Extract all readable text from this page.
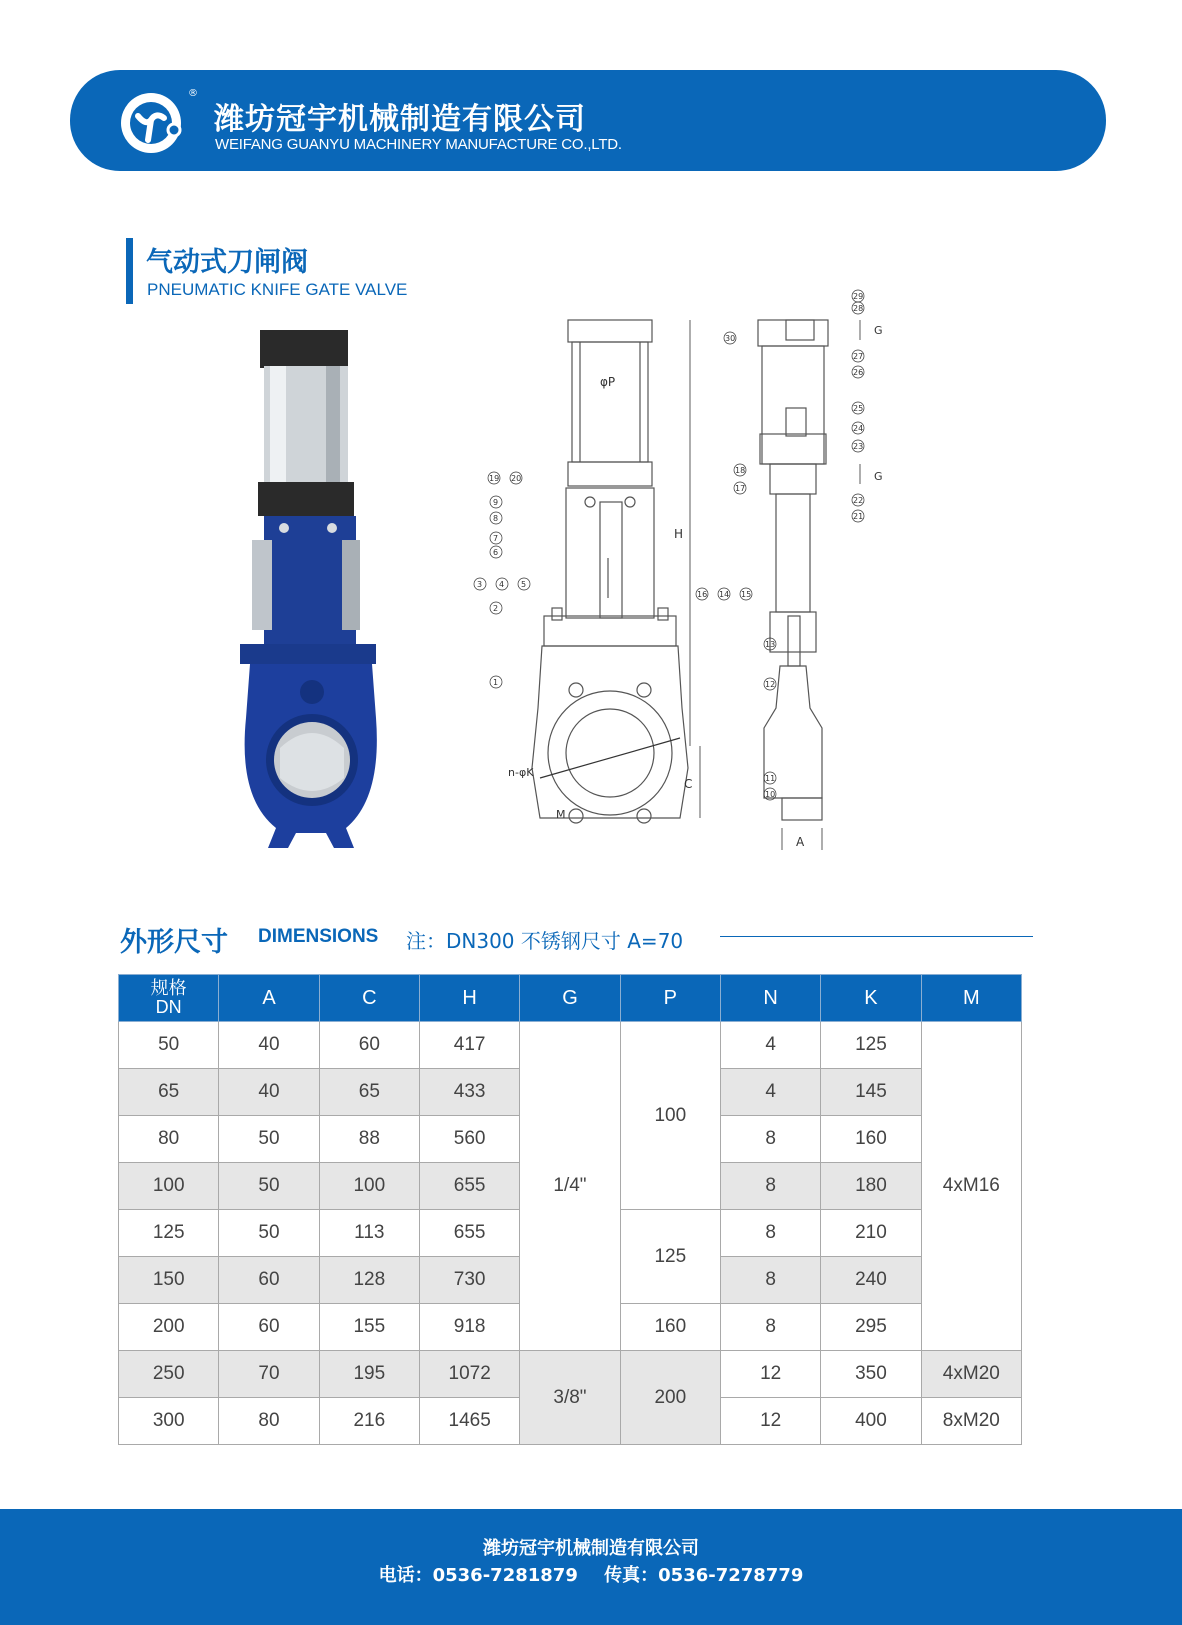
®
潍坊冠宇机械制造有限公司
WEIFANG GUANYU MACHINERY MANUFACTURE CO.,LTD.
气动式刀闸阀
PNEUMATIC KNIFE GATE VALVE
φP
n-φK
M
H
C
A
G
G
1
2
3 4 5
6
7
8
9
10
11
12
13
14 15
16
17
18
19 20
21
22
23
24
25
26
27
28
29
30
外形尺寸 DIMENSIONS 注：DN300 不锈钢尺寸 A=70
规格
DN	A	C	H	G	P	N	K	M
50	40	60	417	1/4"	100	4	125	4xM16
65	40	65	433			4	145	
80	50	88	560			8	160	
100	50	100	655			8	180	
125	50	113	655		125	8	210	
150	60	128	730			8	240	
200	60	155	918		160	8	295	
250	70	195	1072	3/8"	200	12	350	4xM20
300	80	216	1465			12	400	8xM20
潍坊冠宇机械制造有限公司
电话：0536-7281879 传真：0536-7278779
